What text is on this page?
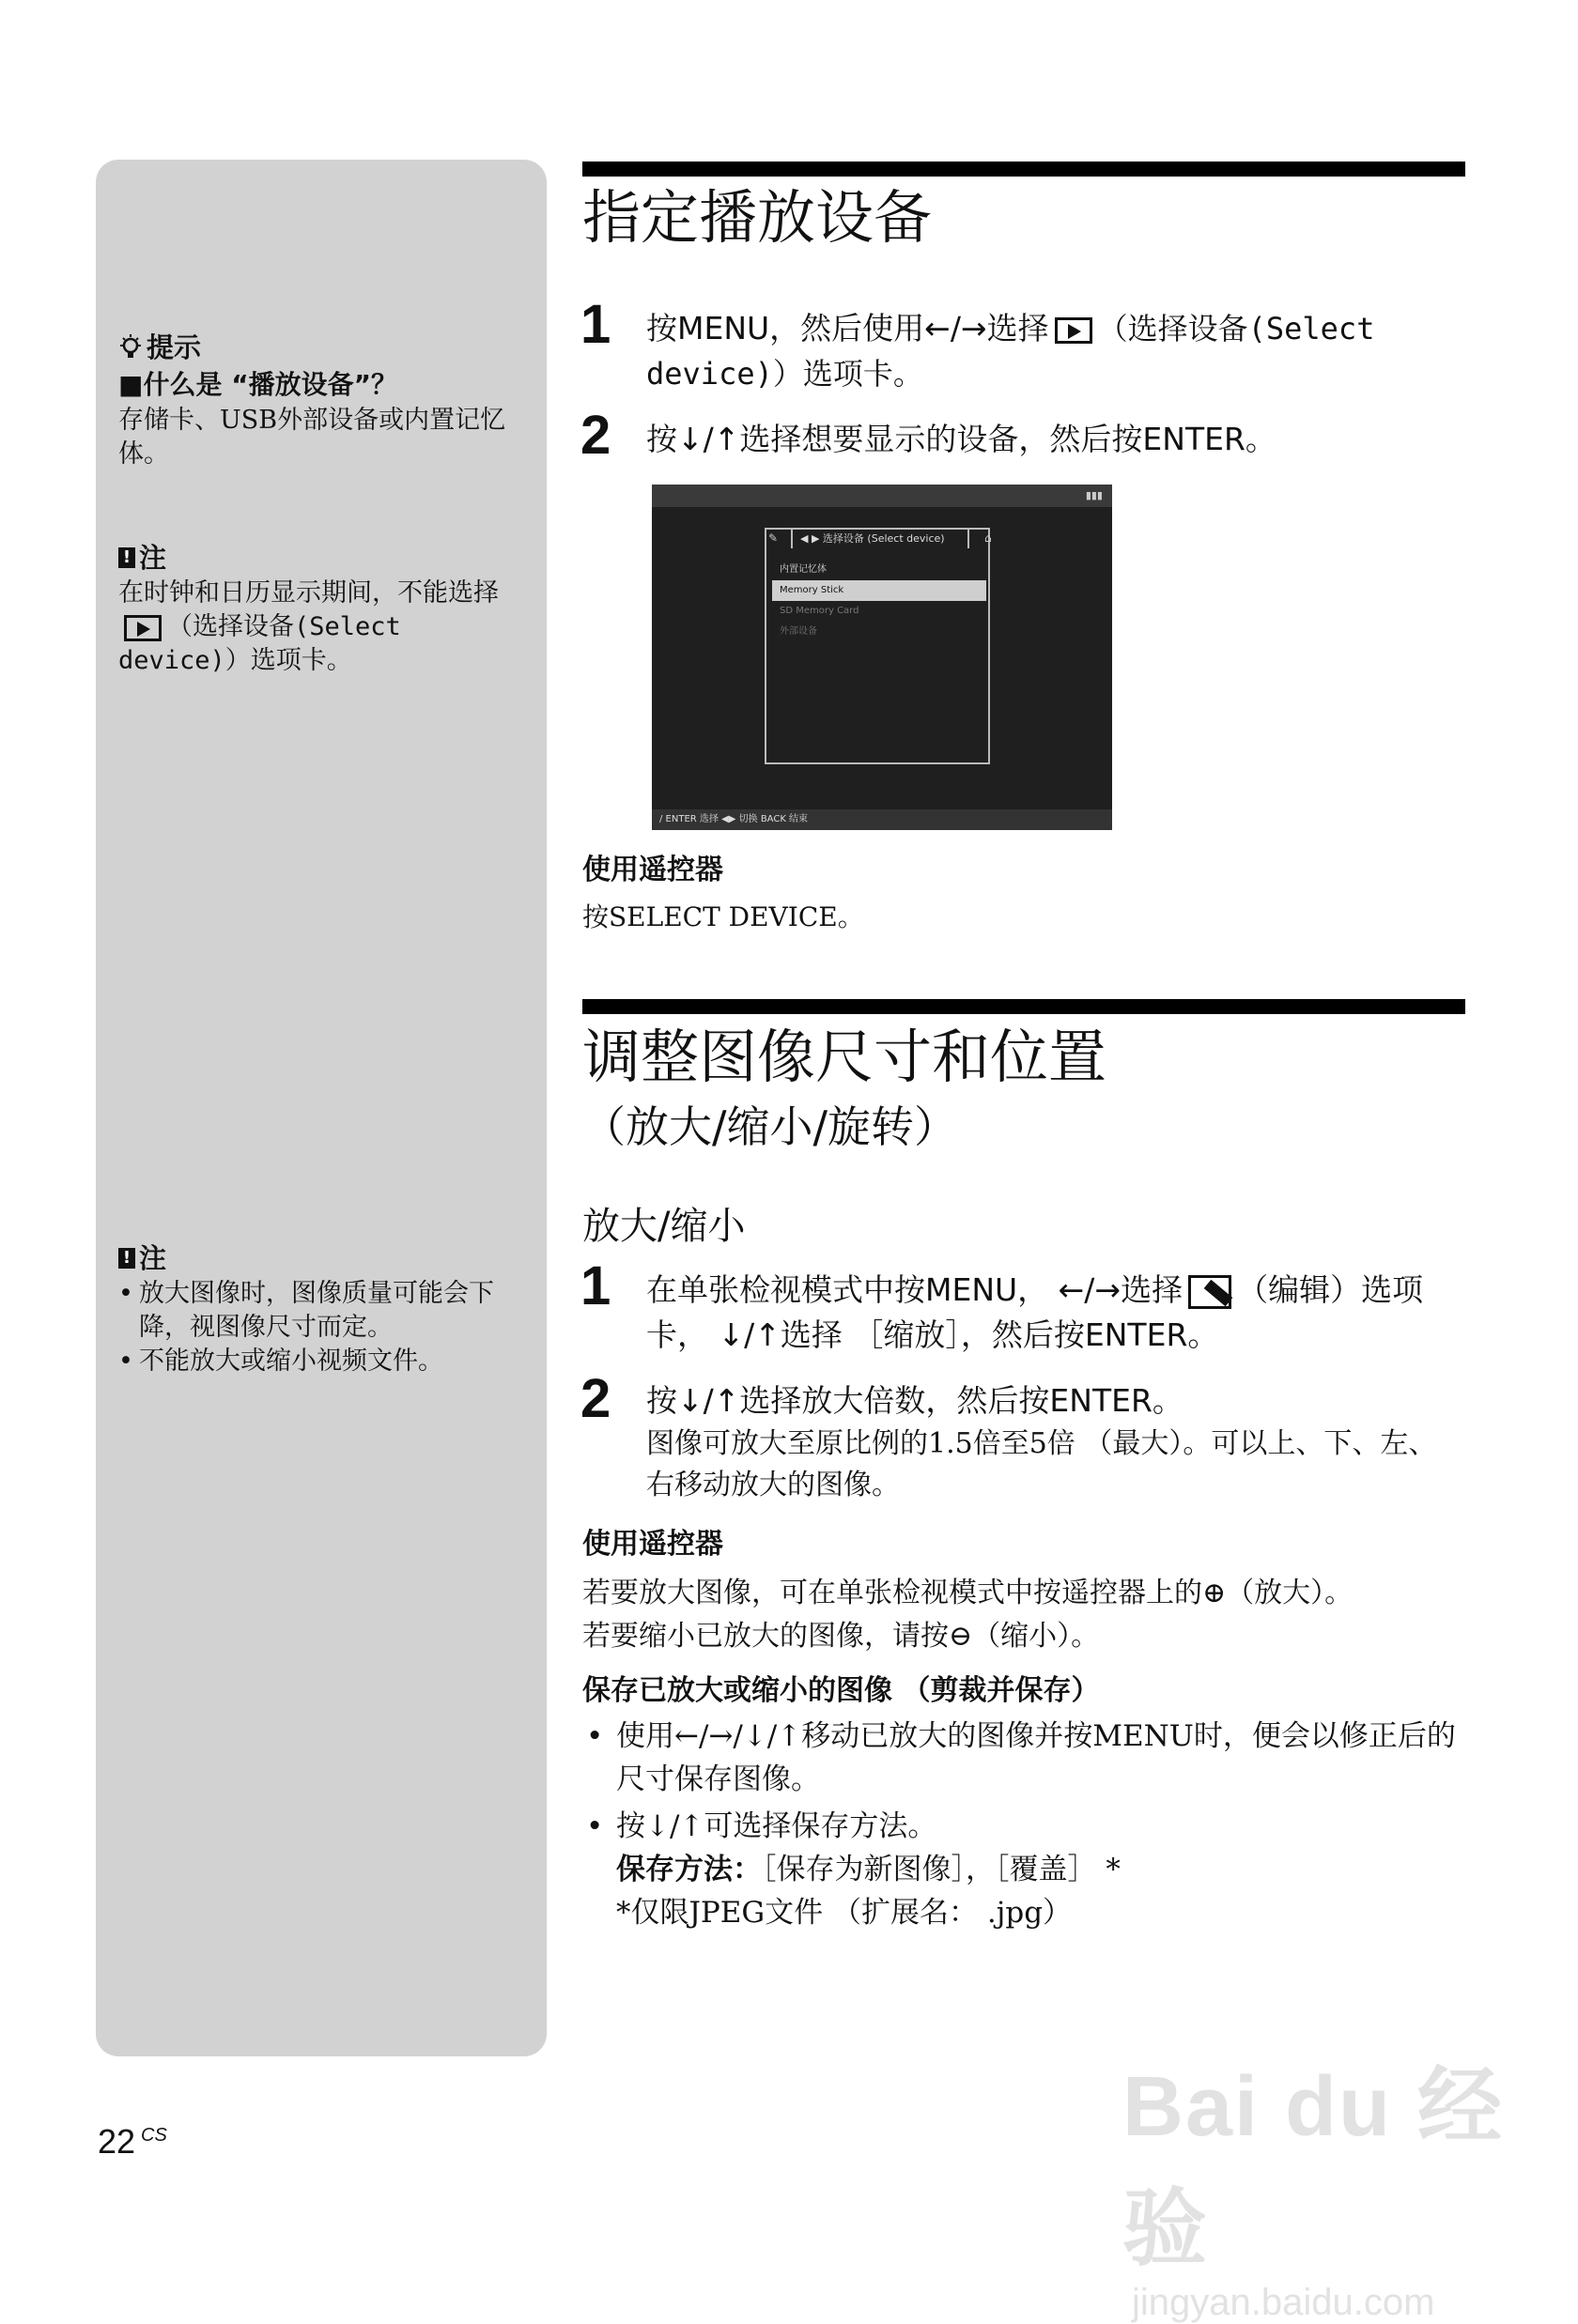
提示
■什么是 “播放设备”？
存储卡、USB外部设备或内置记忆体。
! 注
在时钟和日历显示期间，不能选择（选择设备(Select device)）选项卡。
! 注
• 放大图像时，图像质量可能会下降，视图像尺寸而定。
• 不能放大或缩小视频文件。
指定播放设备
1 按MENU，然后使用←/→选择 （选择设备(Select device)）选项卡。
2 按↓/↑选择想要显示的设备，然后按ENTER。
▮▮▮
✎	◀ ▶ 选择设备 (Select device)	⌂
内置记忆体
Memory Stick
SD Memory Card
外部设备
/ ENTER 选择 ◀▶ 切换 BACK 结束
使用遥控器
按SELECT DEVICE。
调整图像尺寸和位置
（放大/缩小/旋转）
放大/缩小
1 在单张检视模式中按MENU， ←/→选择 （编辑）选项卡， ↓/↑选择 ［缩放］，然后按ENTER。
2 按↓/↑选择放大倍数，然后按ENTER。
图像可放大至原比例的1.5倍至5倍 （最大）。可以上、下、左、右移动放大的图像。
使用遥控器
若要放大图像，可在单张检视模式中按遥控器上的⊕（放大）。
若要缩小已放大的图像，请按⊖（缩小）。
保存已放大或缩小的图像 （剪裁并保存）
• 使用←/→/↓/↑移动已放大的图像并按MENU时，便会以修正后的尺寸保存图像。
• 按↓/↑可选择保存方法。
保存方法：［保存为新图像］，［覆盖］ *
*仅限JPEG文件 （扩展名： .jpg）
22 $^{CS}$	Bai du 经验
jingyan.baidu.com
